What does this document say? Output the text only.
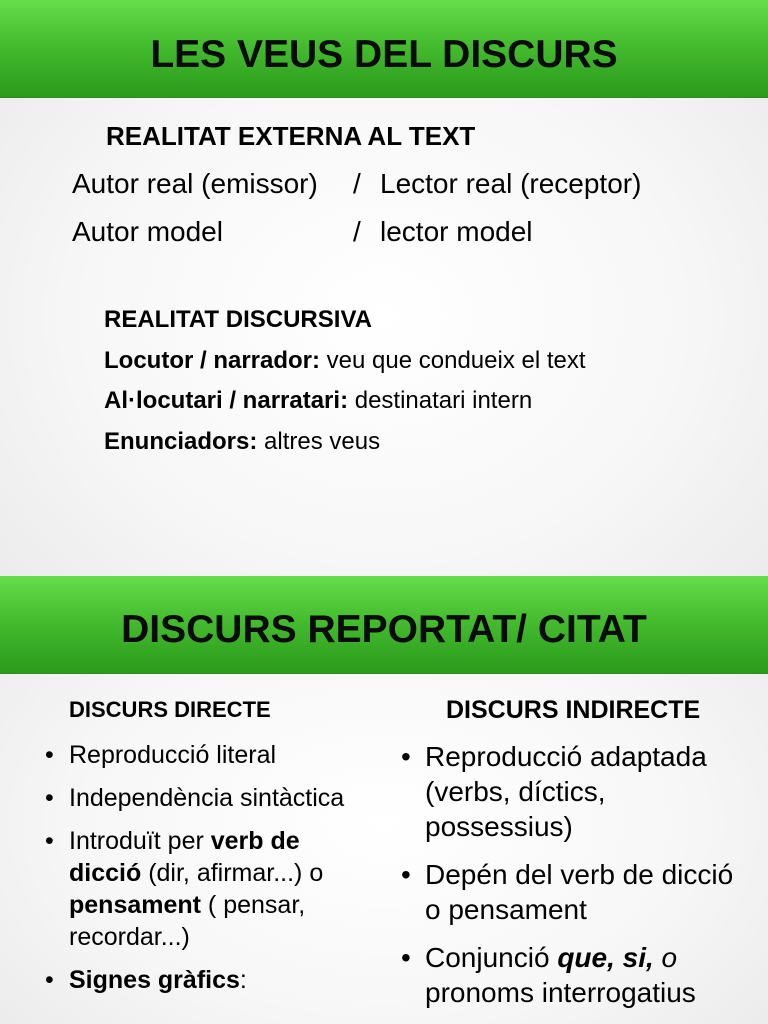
LES VEUS DEL DISCURS
REALITAT EXTERNA AL TEXT
Autor real (emissor) / Lector real (receptor)
Autor model	/ lector model
REALITAT DISCURSIVA
Locutor / narrador: veu que condueix el text
Al·locutari / narratari: destinatari intern
Enunciadors: altres veus
DISCURS REPORTAT/ CITAT
DISCURS DIRECTE	DISCURS INDIRECTE
• Reproducció literal
• Independència sintàctica
• Introduït per verb de dicció (dir, afirmar...) o pensament ( pensar, recordar...)
• Signes gràfics:
• Reproducció adaptada (verbs, díctics, possessius)
• Depén del verb de dicció o pensament
• Conjunció que, si, o pronoms interrogatius
